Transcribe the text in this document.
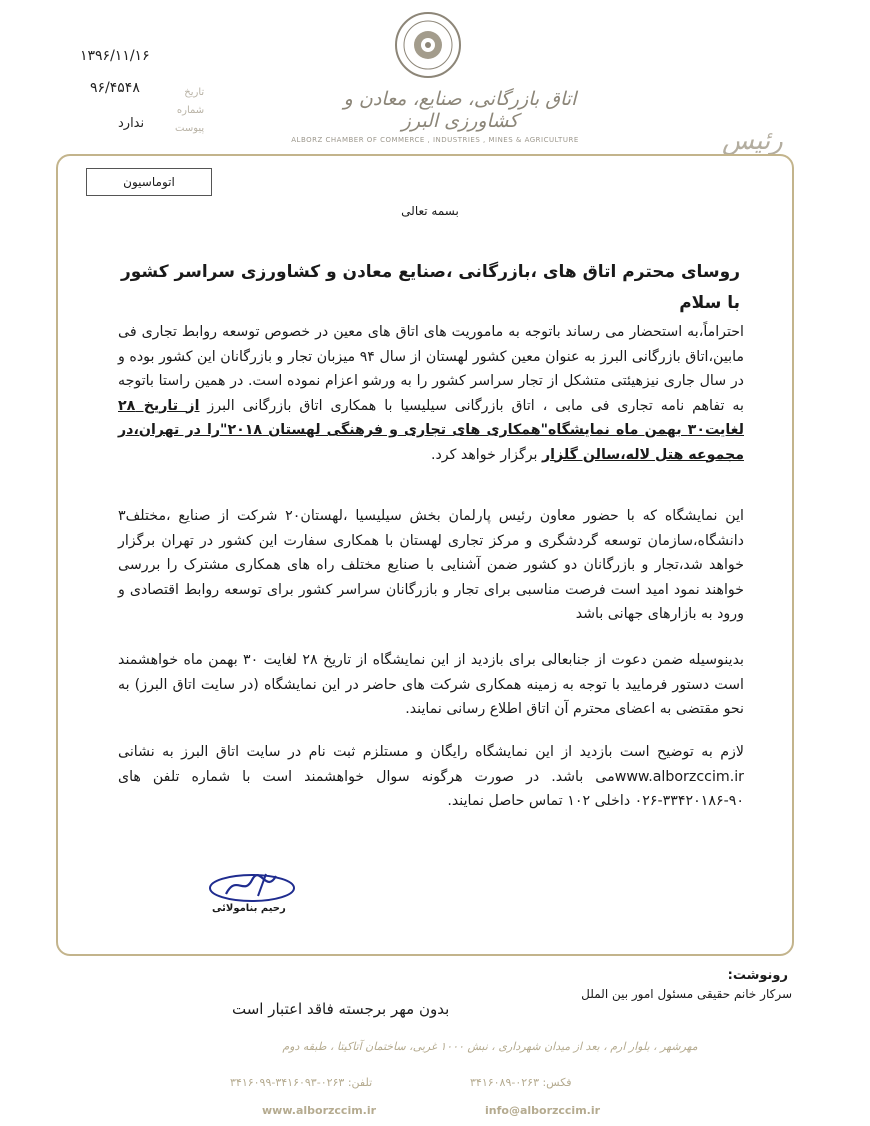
۱۳۹۶/۱۱/۱۶
۹۶/۴۵۴۸
ندارد
تاریخ
شماره
پیوست
اتاق بازرگانی، صنایع، معادن و کشاورزی البرز
ALBORZ CHAMBER OF COMMERCE , INDUSTRIES , MINES & AGRICULTURE	رئیس
اتوماسیون
بسمه تعالی
روسای محترم اتاق های ،بازرگانی ،صنایع معادن و کشاورزی سراسر کشور
با سلام
احتراماً،به استحضار می رساند باتوجه به ماموریت های اتاق های معین در خصوص توسعه روابط تجاری فی مابین،اتاق بازرگانی البرز به عنوان معین کشور لهستان از سال ۹۴ میزبان تجار و بازرگانان این کشور بوده و در سال جاری نیزهیئتی متشکل از تجار سراسر کشور را به ورشو اعزام نموده است. در همین راستا باتوجه به تفاهم نامه تجاری فی مابی ، اتاق بازرگانی سیلیسیا با همکاری اتاق بازرگانی البرز از تاریخ ۲۸ لغایت۳۰ بهمن ماه نمایشگاه"همکاری های تجاری و فرهنگی لهستان ۲۰۱۸"را در تهران،در مجموعه هتل لاله،سالن گلزار برگزار خواهد کرد.
این نمایشگاه که با حضور معاون رئیس پارلمان بخش سیلیسیا ،لهستان۲۰ شرکت از صنایع ،مختلف۳ دانشگاه،سازمان توسعه گردشگری و مرکز تجاری لهستان با همکاری سفارت این کشور در تهران برگزار خواهد شد،تجار و بازرگانان دو کشور ضمن آشنایی با صنایع مختلف راه های همکاری مشترک را بررسی خواهند نمود امید است فرصت مناسبی برای تجار و بازرگانان سراسر کشور برای توسعه روابط اقتصادی و ورود به بازارهای جهانی باشد
بدینوسیله ضمن دعوت از جنابعالی برای بازدید از این نمایشگاه از تاریخ ۲۸ لغایت ۳۰ بهمن ماه خواهشمند است دستور فرمایید با توجه به زمینه همکاری شرکت های حاضر در این نمایشگاه (در سایت اتاق البرز) به نحو مقتضی به اعضای محترم آن اتاق اطلاع رسانی نمایند.
لازم به توضیح است بازدید از این نمایشگاه رایگان و مستلزم ثبت نام در سایت اتاق البرز به نشانی www.alborzccim.irمی باشد. در صورت هرگونه سوال خواهشمند است با شماره تلفن های ۹۰-۳۳۴۲۰۱۸۶-۰۲۶ داخلی ۱۰۲ تماس حاصل نمایند.
رحیم بنامولائی
رونوشت:
سرکار خانم حقیقی مسئول امور بین الملل
بدون مهر برجسته فاقد اعتبار است
مهرشهر ، بلوار ارم ، بعد از میدان شهرداری ، نبش ۱۰۰۰ غربی، ساختمان آتاکیتا ، طبقه دوم
فکس: ۰۲۶۳-۳۴۱۶۰۸۹
تلفن: ۰۲۶۳-۳۴۱۶۰۹۳-۳۴۱۶۰۹۹
www.alborzccim.ir	info@alborzccim.ir
